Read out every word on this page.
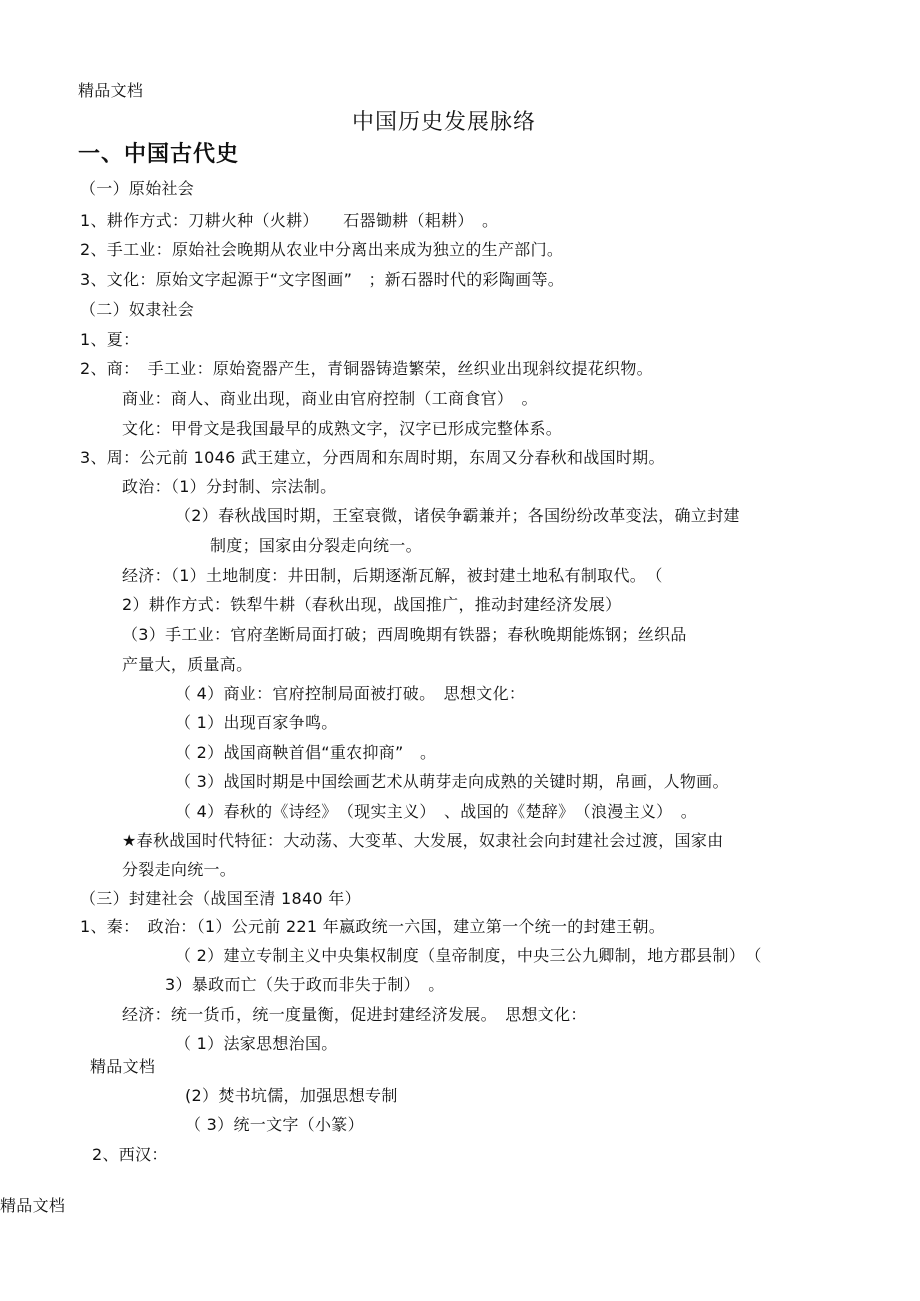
精品文档
中国历史发展脉络
一、中国古代史
（一）原始社会
1、耕作方式：刀耕火种（火耕）　　石器锄耕（耜耕）　。
2、手工业：原始社会晚期从农业中分离出来成为独立的生产部门。
3、文化：原始文字起源于“文字图画”　；新石器时代的彩陶画等。
（二）奴隶社会
1、夏：
2、商：　手工业：原始瓷器产生，青铜器铸造繁荣，丝织业出现斜纹提花织物。
商业：商人、商业出现，商业由官府控制（工商食官）　。
文化：甲骨文是我国最早的成熟文字，汉字已形成完整体系。
3、周：公元前 1046 武王建立，分西周和东周时期，东周又分春秋和战国时期。
政治：（1）分封制、宗法制。
（2）春秋战国时期，王室衰微，诸侯争霸兼并；各国纷纷改革变法，确立封建
制度；国家由分裂走向统一。
经济：（1）土地制度：井田制，后期逐渐瓦解，被封建土地私有制取代。　（
2）耕作方式：铁犁牛耕（春秋出现，战国推广，推动封建经济发展）
（3）手工业：官府垄断局面打破；西周晚期有铁器；春秋晚期能炼钢；丝织品
产量大，质量高。
（ 4）商业：官府控制局面被打破。　思想文化：
（ 1）出现百家争鸣。
（ 2）战国商鞅首倡“重农抑商”　。
（ 3）战国时期是中国绘画艺术从萌芽走向成熟的关键时期，帛画，人物画。
（ 4）春秋的《诗经》　（现实主义）　、战国的《楚辞》　（浪漫主义）　。
★春秋战国时代特征：大动荡、大变革、大发展，奴隶社会向封建社会过渡，国家由
分裂走向统一。
（三）封建社会（战国至清 1840 年）
1、秦：　政治：（1）公元前 221 年嬴政统一六国，建立第一个统一的封建王朝。
（ 2）建立专制主义中央集权制度（皇帝制度，中央三公九卿制，地方郡县制）　（
3）暴政而亡（失于政而非失于制）　。
经济：统一货币，统一度量衡，促进封建经济发展。　思想文化：
（ 1）法家思想治国。
精品文档
(2）焚书坑儒，加强思想专制
（ 3）统一文字（小篆）
2、西汉：
精品文档
